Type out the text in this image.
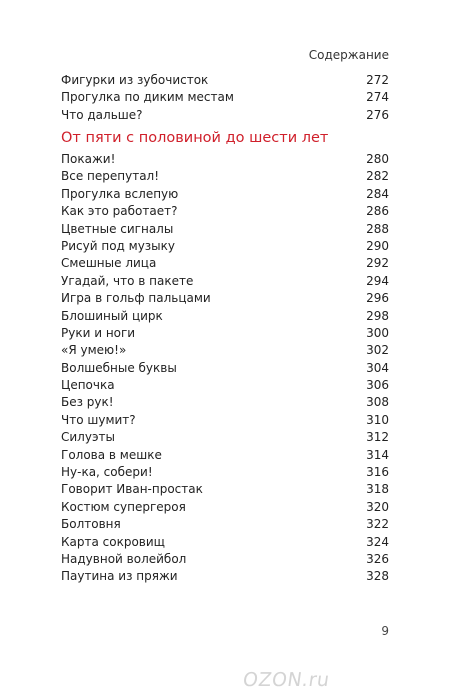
Содержание
Фигурки из зубочисток	272
Прогулка по диким местам	274
Что дальше?	276
От пяти с половиной до шести лет
Покажи!	280
Все перепутал!	282
Прогулка вслепую	284
Как это работает?	286
Цветные сигналы	288
Рисуй под музыку	290
Смешные лица	292
Угадай, что в пакете	294
Игра в гольф пальцами	296
Блошиный цирк	298
Руки и ноги	300
«Я умею!»	302
Волшебные буквы	304
Цепочка	306
Без рук!	308
Что шумит?	310
Силуэты	312
Голова в мешке	314
Ну-ка, собери!	316
Говорит Иван-простак	318
Костюм супергероя	320
Болтовня	322
Карта сокровищ	324
Надувной волейбол	326
Паутина из пряжи	328
9
OZON.ru
